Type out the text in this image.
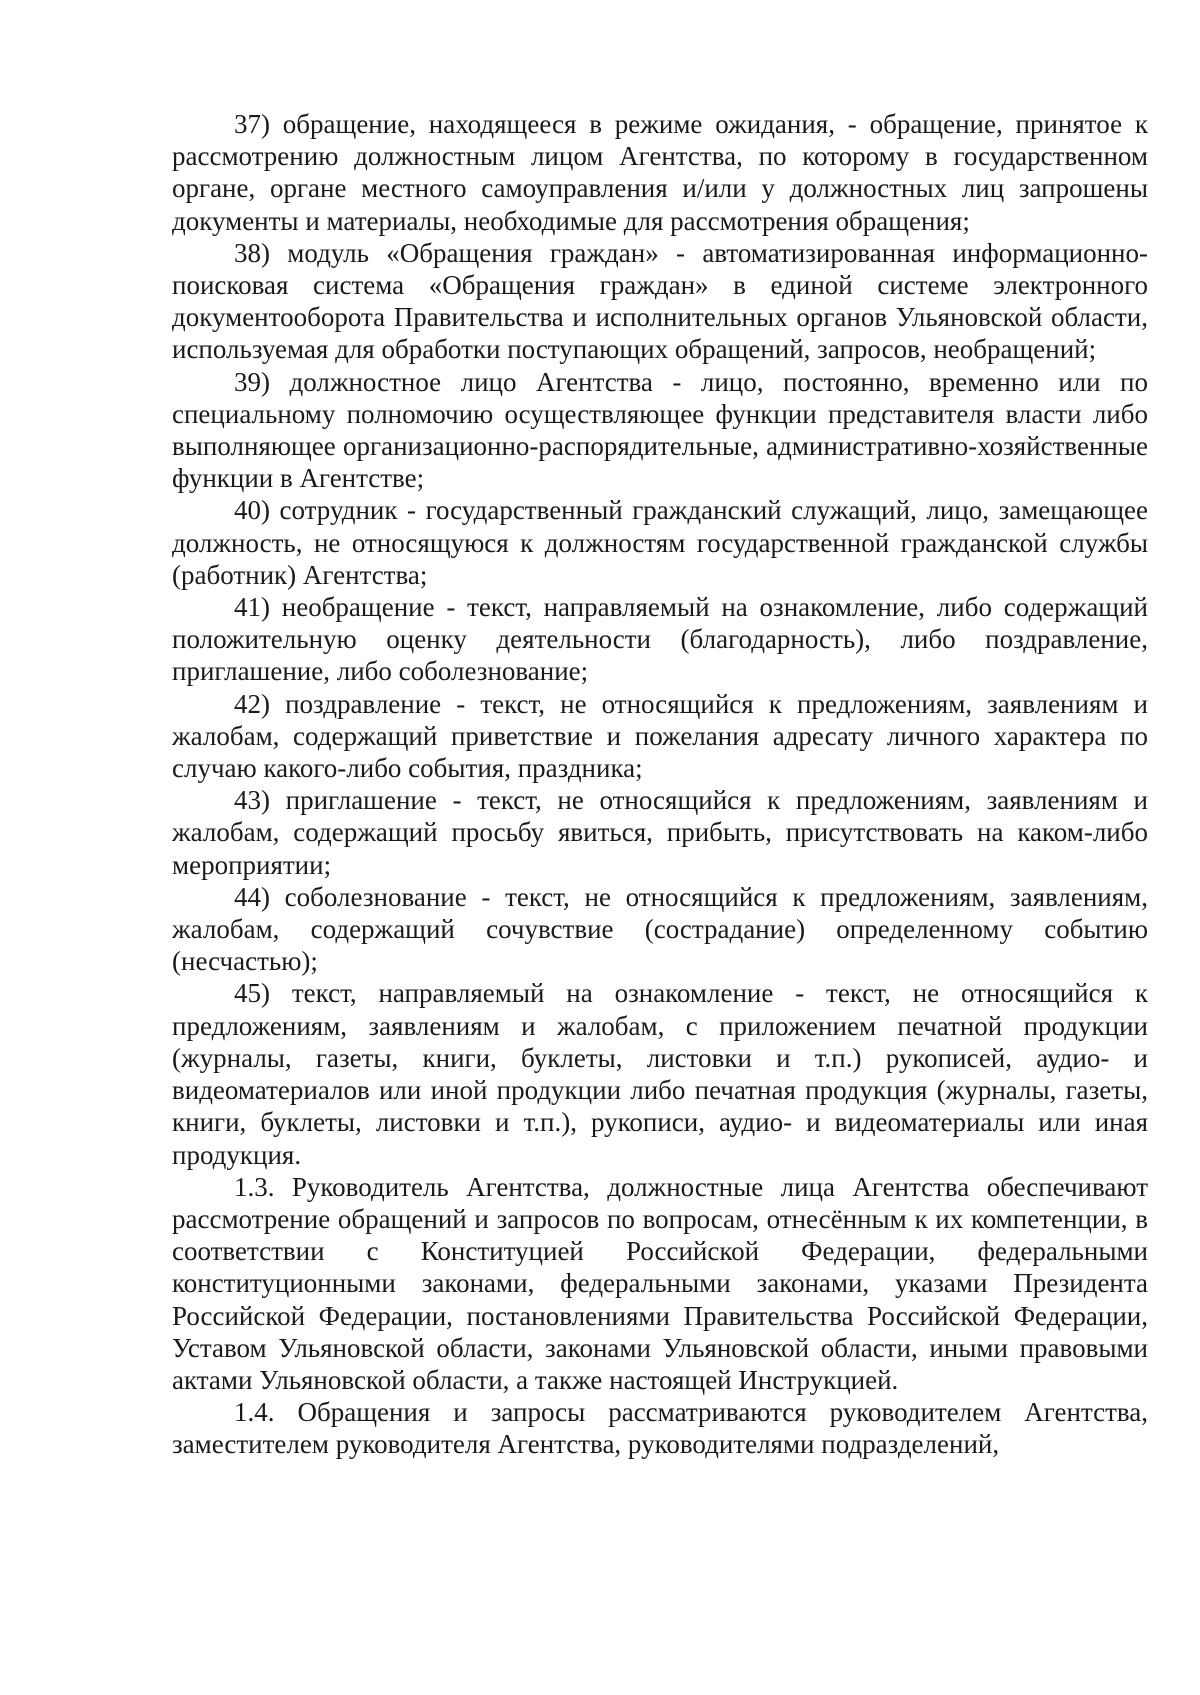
37) обращение, находящееся в режиме ожидания, - обращение, принятое к рассмотрению должностным лицом Агентства, по которому в государственном органе, органе местного самоуправления и/или у должностных лиц запрошены документы и материалы, необходимые для рассмотрения обращения;

38) модуль «Обращения граждан» - автоматизированная информационно-поисковая система «Обращения граждан» в единой системе электронного документооборота Правительства и исполнительных органов Ульяновской области, используемая для обработки поступающих обращений, запросов, необращений;

39) должностное лицо Агентства - лицо, постоянно, временно или по специальному полномочию осуществляющее функции представителя власти либо выполняющее организационно-распорядительные, административно-хозяйственные функции в Агентстве;

40) сотрудник - государственный гражданский служащий, лицо, замещающее должность, не относящуюся к должностям государственной гражданской службы (работник) Агентства;

41) необращение - текст, направляемый на ознакомление, либо содержащий положительную оценку деятельности (благодарность), либо поздравление, приглашение, либо соболезнование;

42) поздравление - текст, не относящийся к предложениям, заявлениям и жалобам, содержащий приветствие и пожелания адресату личного характера по случаю какого-либо события, праздника;

43) приглашение - текст, не относящийся к предложениям, заявлениям и жалобам, содержащий просьбу явиться, прибыть, присутствовать на каком-либо мероприятии;

44) соболезнование - текст, не относящийся к предложениям, заявлениям, жалобам, содержащий сочувствие (сострадание) определенному событию (несчастью);

45) текст, направляемый на ознакомление - текст, не относящийся к предложениям, заявлениям и жалобам, с приложением печатной продукции (журналы, газеты, книги, буклеты, листовки и т.п.) рукописей, аудио- и видеоматериалов или иной продукции либо печатная продукция (журналы, газеты, книги, буклеты, листовки и т.п.), рукописи, аудио- и видеоматериалы или иная продукция.

1.3. Руководитель Агентства, должностные лица Агентства обеспечивают рассмотрение обращений и запросов по вопросам, отнесённым к их компетенции, в соответствии с Конституцией Российской Федерации, федеральными конституционными законами, федеральными законами, указами Президента Российской Федерации, постановлениями Правительства Российской Федерации, Уставом Ульяновской области, законами Ульяновской области, иными правовыми актами Ульяновской области, а также настоящей Инструкцией.

1.4. Обращения и запросы рассматриваются руководителем Агентства, заместителем руководителя Агентства, руководителями подразделений,
